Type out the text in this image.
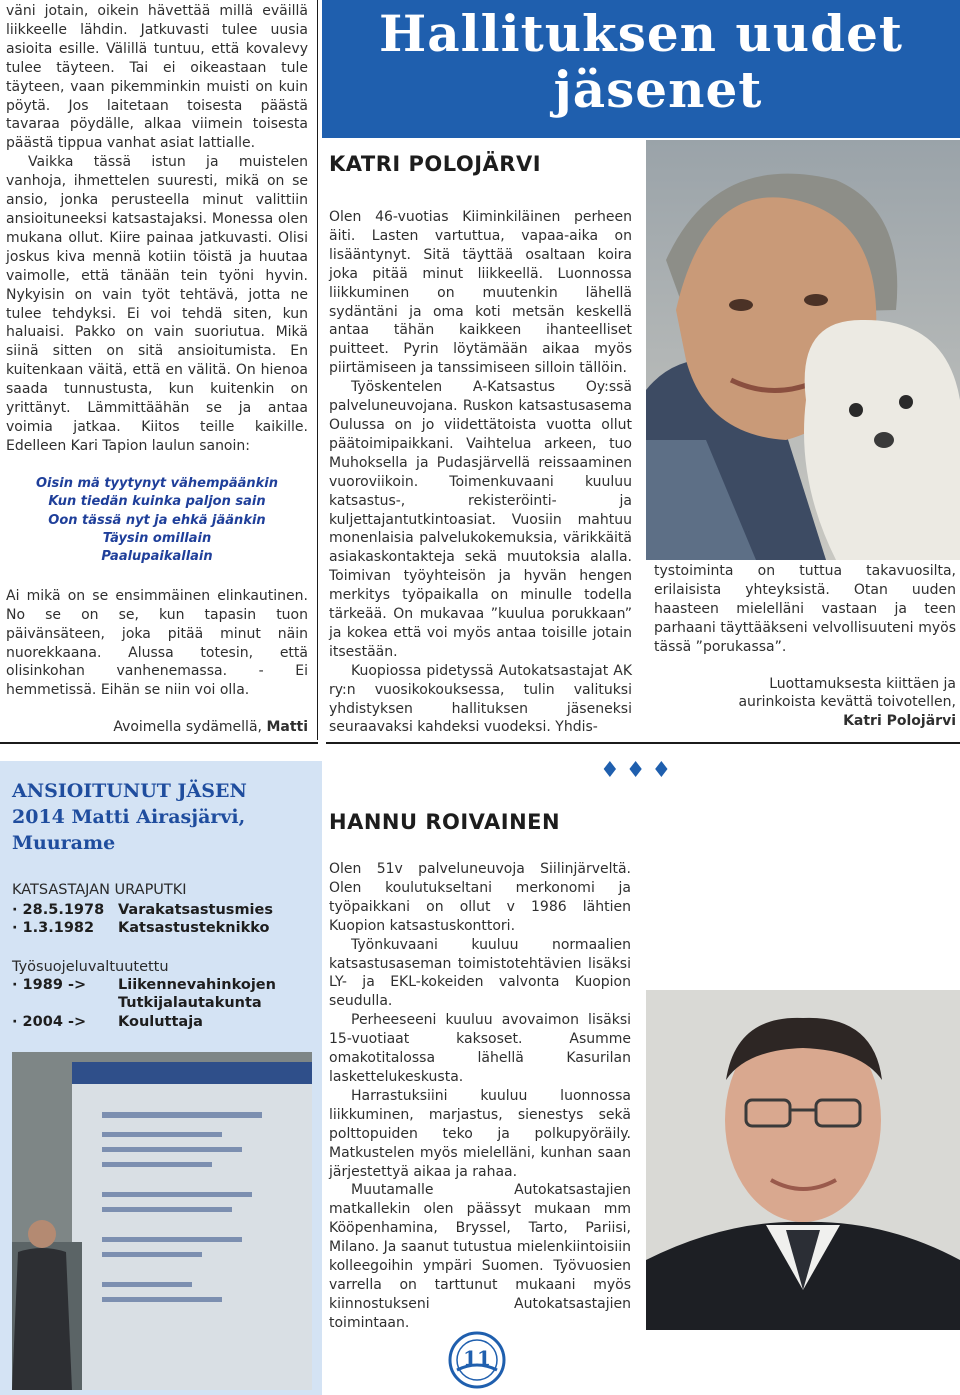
väni jotain, oikein hävettää millä eväillä liikkeelle lähdin. Jatkuvasti tulee uusia asioita esille. Välillä tuntuu, että kovalevy tulee täyteen. Tai ei oikeastaan tule täyteen, vaan pikemminkin muisti on kuin pöytä. Jos laitetaan toisesta päästä tavaraa pöydälle, alkaa viimein toisesta päästä tippua vanhat asiat lattialle.

Vaikka tässä istun ja muistelen vanhoja, ihmettelen suuresti, mikä on se ansio, jonka perusteella minut valittiin ansioituneeksi katsastajaksi. Monessa olen mukana ollut. Kiire painaa jatkuvasti. Olisi joskus kiva mennä kotiin töistä ja huutaa vaimolle, että tänään tein työni hyvin. Nykyisin on vain työt tehtävä, jotta ne tulee tehdyksi. Ei voi tehdä siten, kun haluaisi. Pakko on vain suoriutua. Mikä siinä sitten on sitä ansioitumista. En kuitenkaan väitä, että en välitä. On hienoa saada tunnustusta, kun kuitenkin on yrittänyt. Lämmittäähän se ja antaa voimia jatkaa. Kiitos teille kaikille. Edelleen Kari Tapion laulun sanoin:

Oisin mä tyytynyt vähempäänkin

Kun tiedän kuinka paljon sain

Oon tässä nyt ja ehkä jäänkin

Täysin omillain

Paalupaikallain

Ai mikä on se ensimmäinen elinkautinen. No se on se, kun tapasin tuon päivänsäteen, joka pitää minut näin nuorekkaana. Alussa totesin, että olisinkohan vanhenemassa. - Ei hemmetissä. Eihän se niin voi olla.

Avoimella sydämellä, Matti

Hallituksen uudet
jäsenet
KATRI POLOJÄRVI

Olen 46-vuotias Kiiminkiläinen perheen äiti. Lasten vartuttua, vapaa-aika on lisääntynyt. Sitä täyttää osaltaan koira joka pitää minut liikkeellä. Luonnossa liikkuminen on muutenkin lähellä sydäntäni ja oma koti metsän keskellä antaa tähän kaikkeen ihanteelliset puitteet. Pyrin löytämään aikaa myös piirtämiseen ja tanssimiseen silloin tällöin.

Työskentelen A-Katsastus Oy:ssä palveluneuvojana. Ruskon katsastusasema Oulussa on jo viidettätoista vuotta ollut päätoimipaikkani. Vaihtelua arkeen, tuo Muhoksella ja Pudasjärvellä reissaaminen vuoroviikoin. Toimenkuvaani kuuluu katsastus-, rekisteröinti- ja kuljettajantutkintoasiat. Vuosiin mahtuu monenlaisia palvelukokemuksia, värikkäitä asiakaskontakteja sekä muutoksia alalla. Toimivan työyhteisön ja hyvän hengen merkitys työpaikalla on minulle todella tärkeää. On mukavaa ”kuulua porukkaan” ja kokea että voi myös antaa toisille jotain itsestään.

Kuopiossa pidetyssä Autokatsastajat AK ry:n vuosikokouksessa, tulin valituksi yhdistyksen hallituksen jäseneksi seuraavaksi kahdeksi vuodeksi. Yhdis-

tystoiminta on tuttua takavuosilta, erilaisista yhteyksistä. Otan uuden haasteen mielelläni vastaan ja teen parhaani täyttääkseni velvollisuuteni myös tässä ”porukassa”.

Luottamuksesta kiittäen ja

aurinkoista kevättä toivotellen,

Katri Polojärvi

ANSIOITUNUT JÄSEN
2014 Matti Airasjärvi,
Muurame
KATSASTAJAN URAPUTKI
· 28.5.1978 Varakatsastusmies
· 1.3.1982 Katsastusteknikko
Työsuojeluvaltuutettu
· 1989 -> Liikennevahinkojen
Tutkijalautakunta
· 2004 -> Kouluttaja
♦♦♦
HANNU ROIVAINEN

Olen 51v palveluneuvoja Siilinjärveltä. Olen koulutukseltani merkonomi ja työpaikkani on ollut v 1986 lähtien Kuopion katsastuskonttori.

Työnkuvaani kuuluu normaalien katsastusaseman toimistotehtävien lisäksi LY- ja EKL-kokeiden valvonta Kuopion seudulla.

Perheeseeni kuuluu avovaimon lisäksi 15-vuotiaat kaksoset. Asumme omakotitalossa lähellä Kasurilan laskettelukeskusta.

Harrastuksiini kuuluu luonnossa liikkuminen, marjastus, sienestys sekä polttopuiden teko ja polkupyöräily. Matkustelen myös mielelläni, kunhan saan järjestettyä aikaa ja rahaa.

Muutamalle Autokatsastajien matkallekin olen päässyt mukaan mm Kööpenhamina, Bryssel, Tarto, Pariisi, Milano. Ja saanut tutustua mielenkiintoisiin kolleegoihin ympäri Suomen. Työvuosien varrella on tarttunut mukaani myös kiinnostukseni Autokatsastajien toimintaan.

11
